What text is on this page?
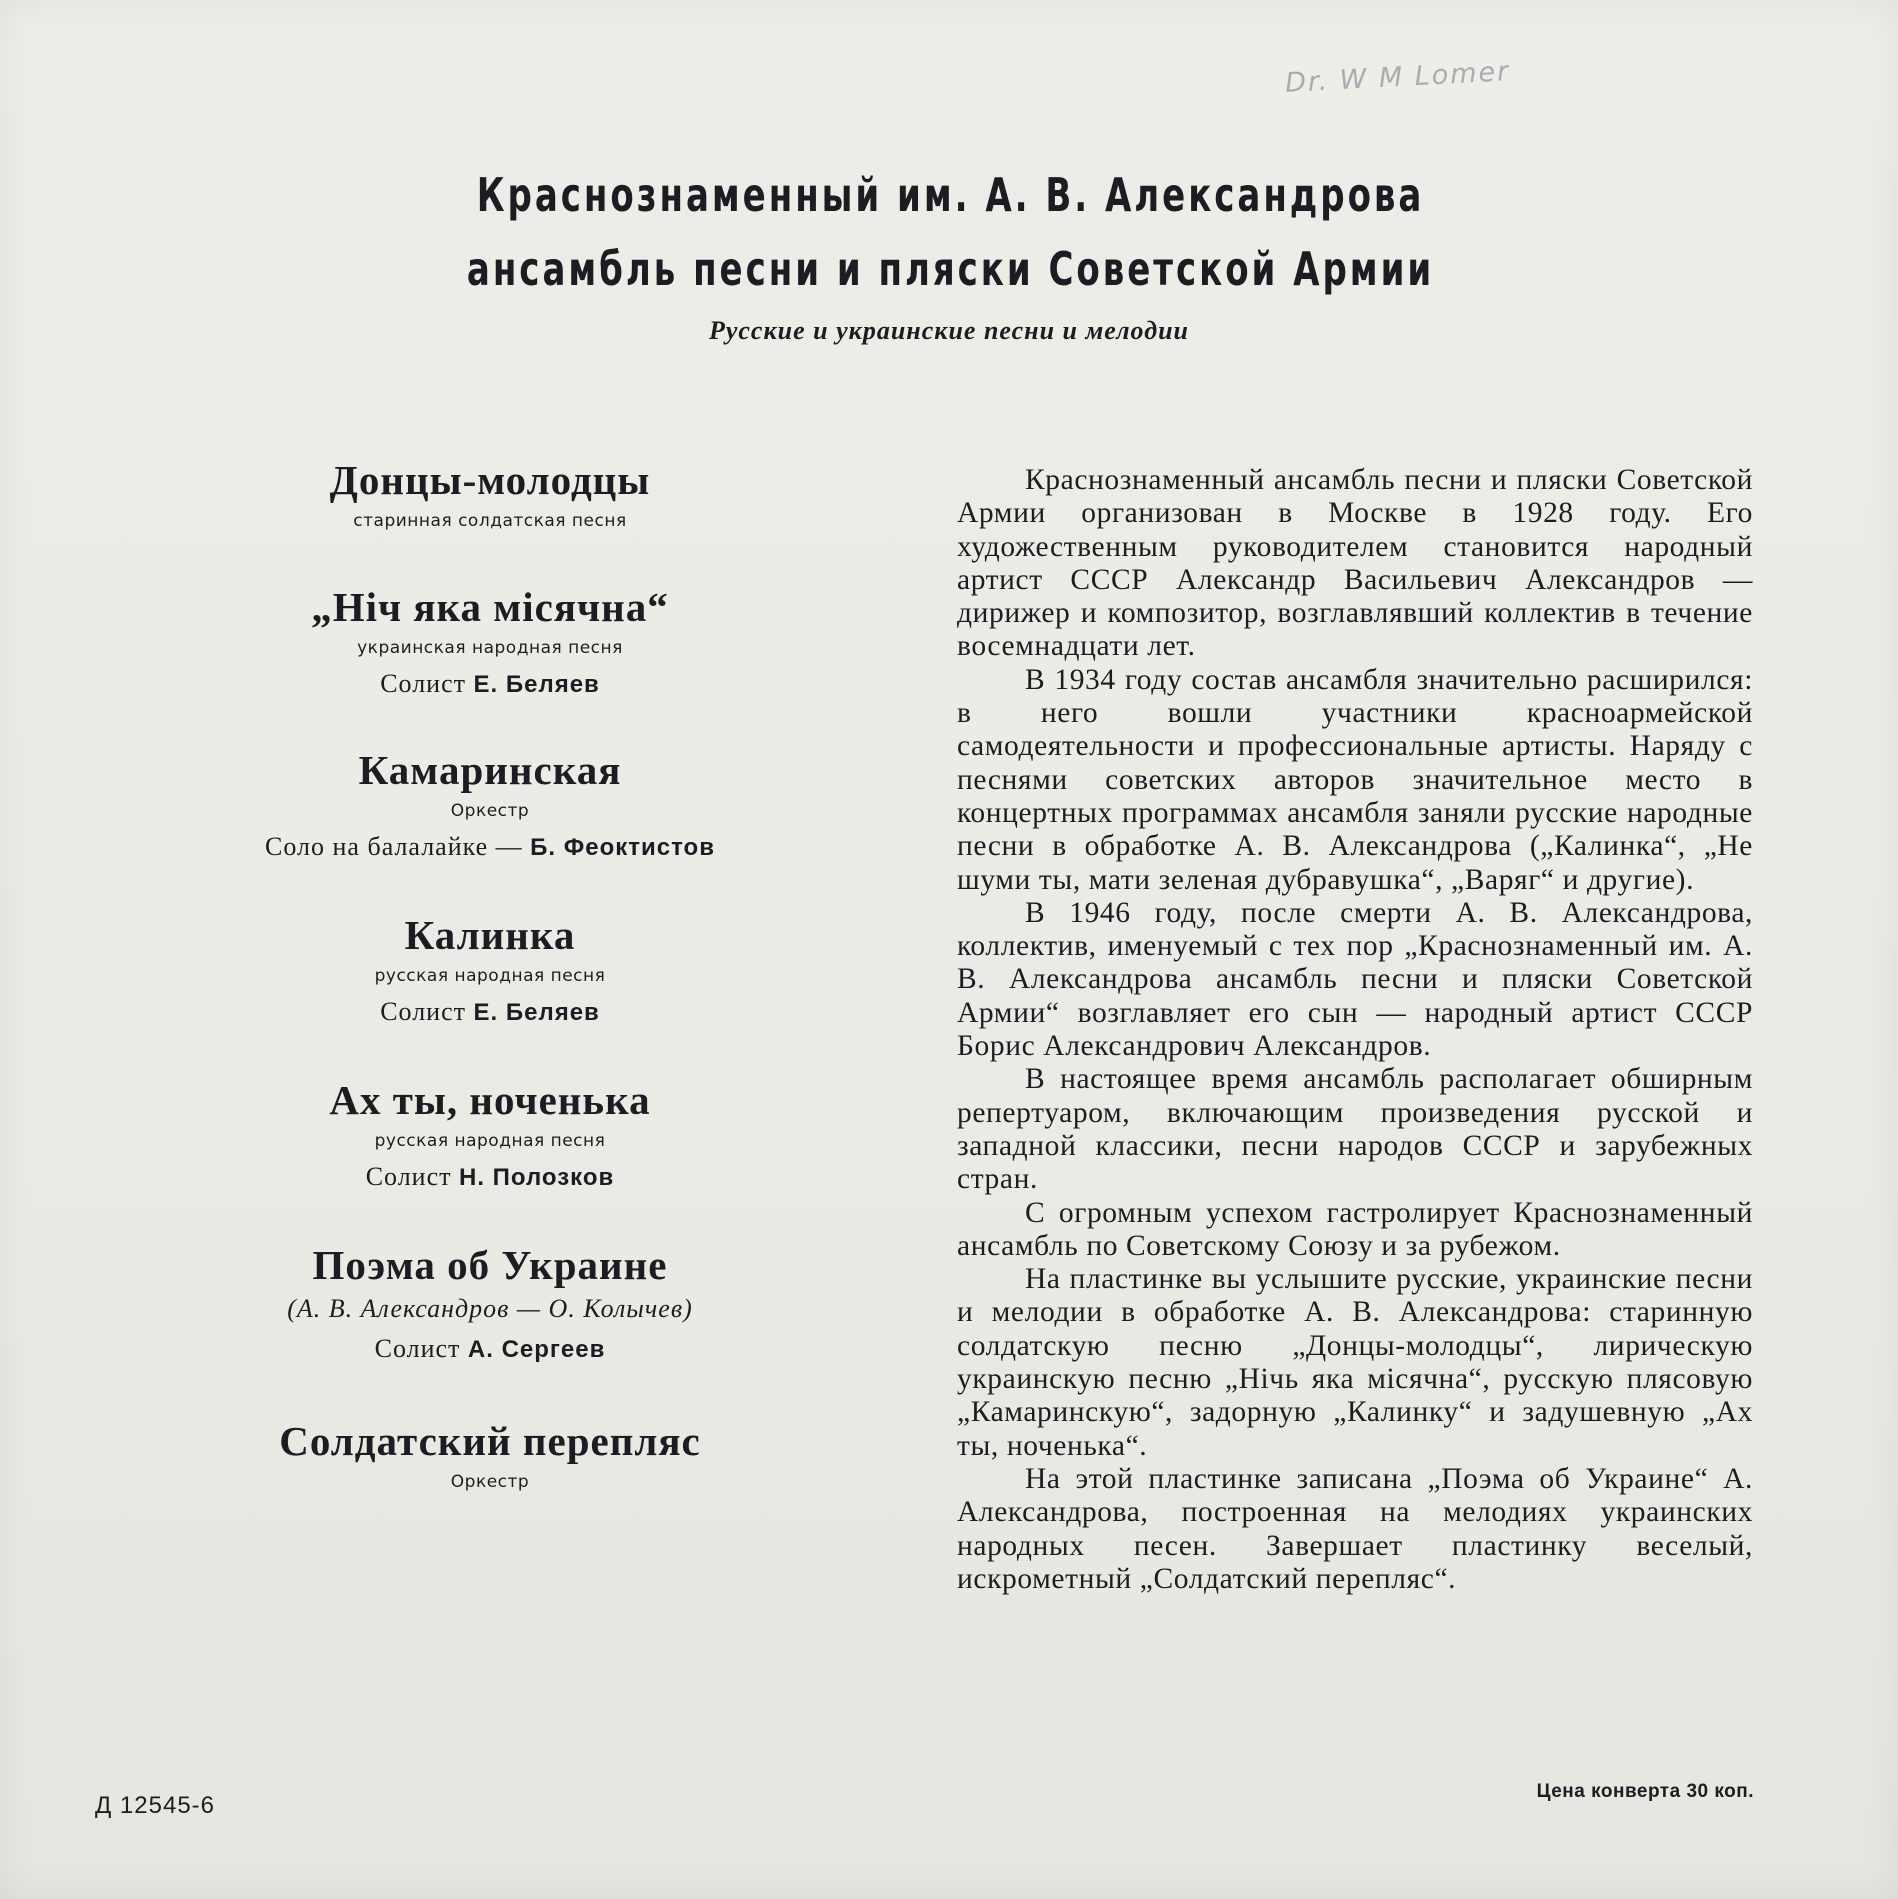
Dr. W M Lomer
Краснознаменный им. А. В. Александрова
ансамбль песни и пляски Советской Армии
Русские и украинские песни и мелодии
Донцы-молодцы
старинная солдатская песня
„Ніч яка місячна“
украинская народная песня
Солист Е. Беляев
Камаринская
Оркестр
Соло на балалайке — Б. Феоктистов
Калинка
русская народная песня
Солист Е. Беляев
Ах ты, ноченька
русская народная песня
Солист Н. Полозков
Поэма об Украине
(А. В. Александров — О. Колычев)
Солист А. Сергеев
Солдатский перепляс
Оркестр

Краснознаменный ансамбль песни и пляски Советской Армии организован в Москве в 1928 году. Его художественным руководителем становится народный артист СССР Александр Васильевич Александров — дирижер и композитор, возглавлявший коллектив в течение восемнадцати лет.

В 1934 году состав ансамбля значительно расширился: в него вошли участники красноармейской самодеятельности и профессиональные артисты. Наряду с песнями советских авторов значительное место в концертных программах ансамбля заняли русские народные песни в обработке А. В. Александрова („Калинка“, „Не шуми ты, мати зеленая дубравушка“, „Варяг“ и другие).

В 1946 году, после смерти А. В. Александрова, коллектив, именуемый с тех пор „Краснознаменный им. А. В. Александрова ансамбль песни и пляски Советской Армии“ возглавляет его сын — народный артист СССР Борис Александрович Александров.

В настоящее время ансамбль располагает обширным репертуаром, включающим произведения русской и западной классики, песни народов СССР и зарубежных стран.

С огромным успехом гастролирует Краснознаменный ансамбль по Советскому Союзу и за рубежом.

На пластинке вы услышите русские, украинские песни и мелодии в обработке А. В. Александрова: старинную солдатскую песню „Донцы-молодцы“, лирическую украинскую песню „Нічь яка місячна“, русскую плясовую „Камаринскую“, задорную „Калинку“ и задушевную „Ах ты, ноченька“.

На этой пластинке записана „Поэма об Украине“ А. Александрова, построенная на мелодиях украинских народных песен. Завершает пластинку веселый, искрометный „Солдатский перепляс“.

Д 12545-6
Цена конверта 30 коп.
